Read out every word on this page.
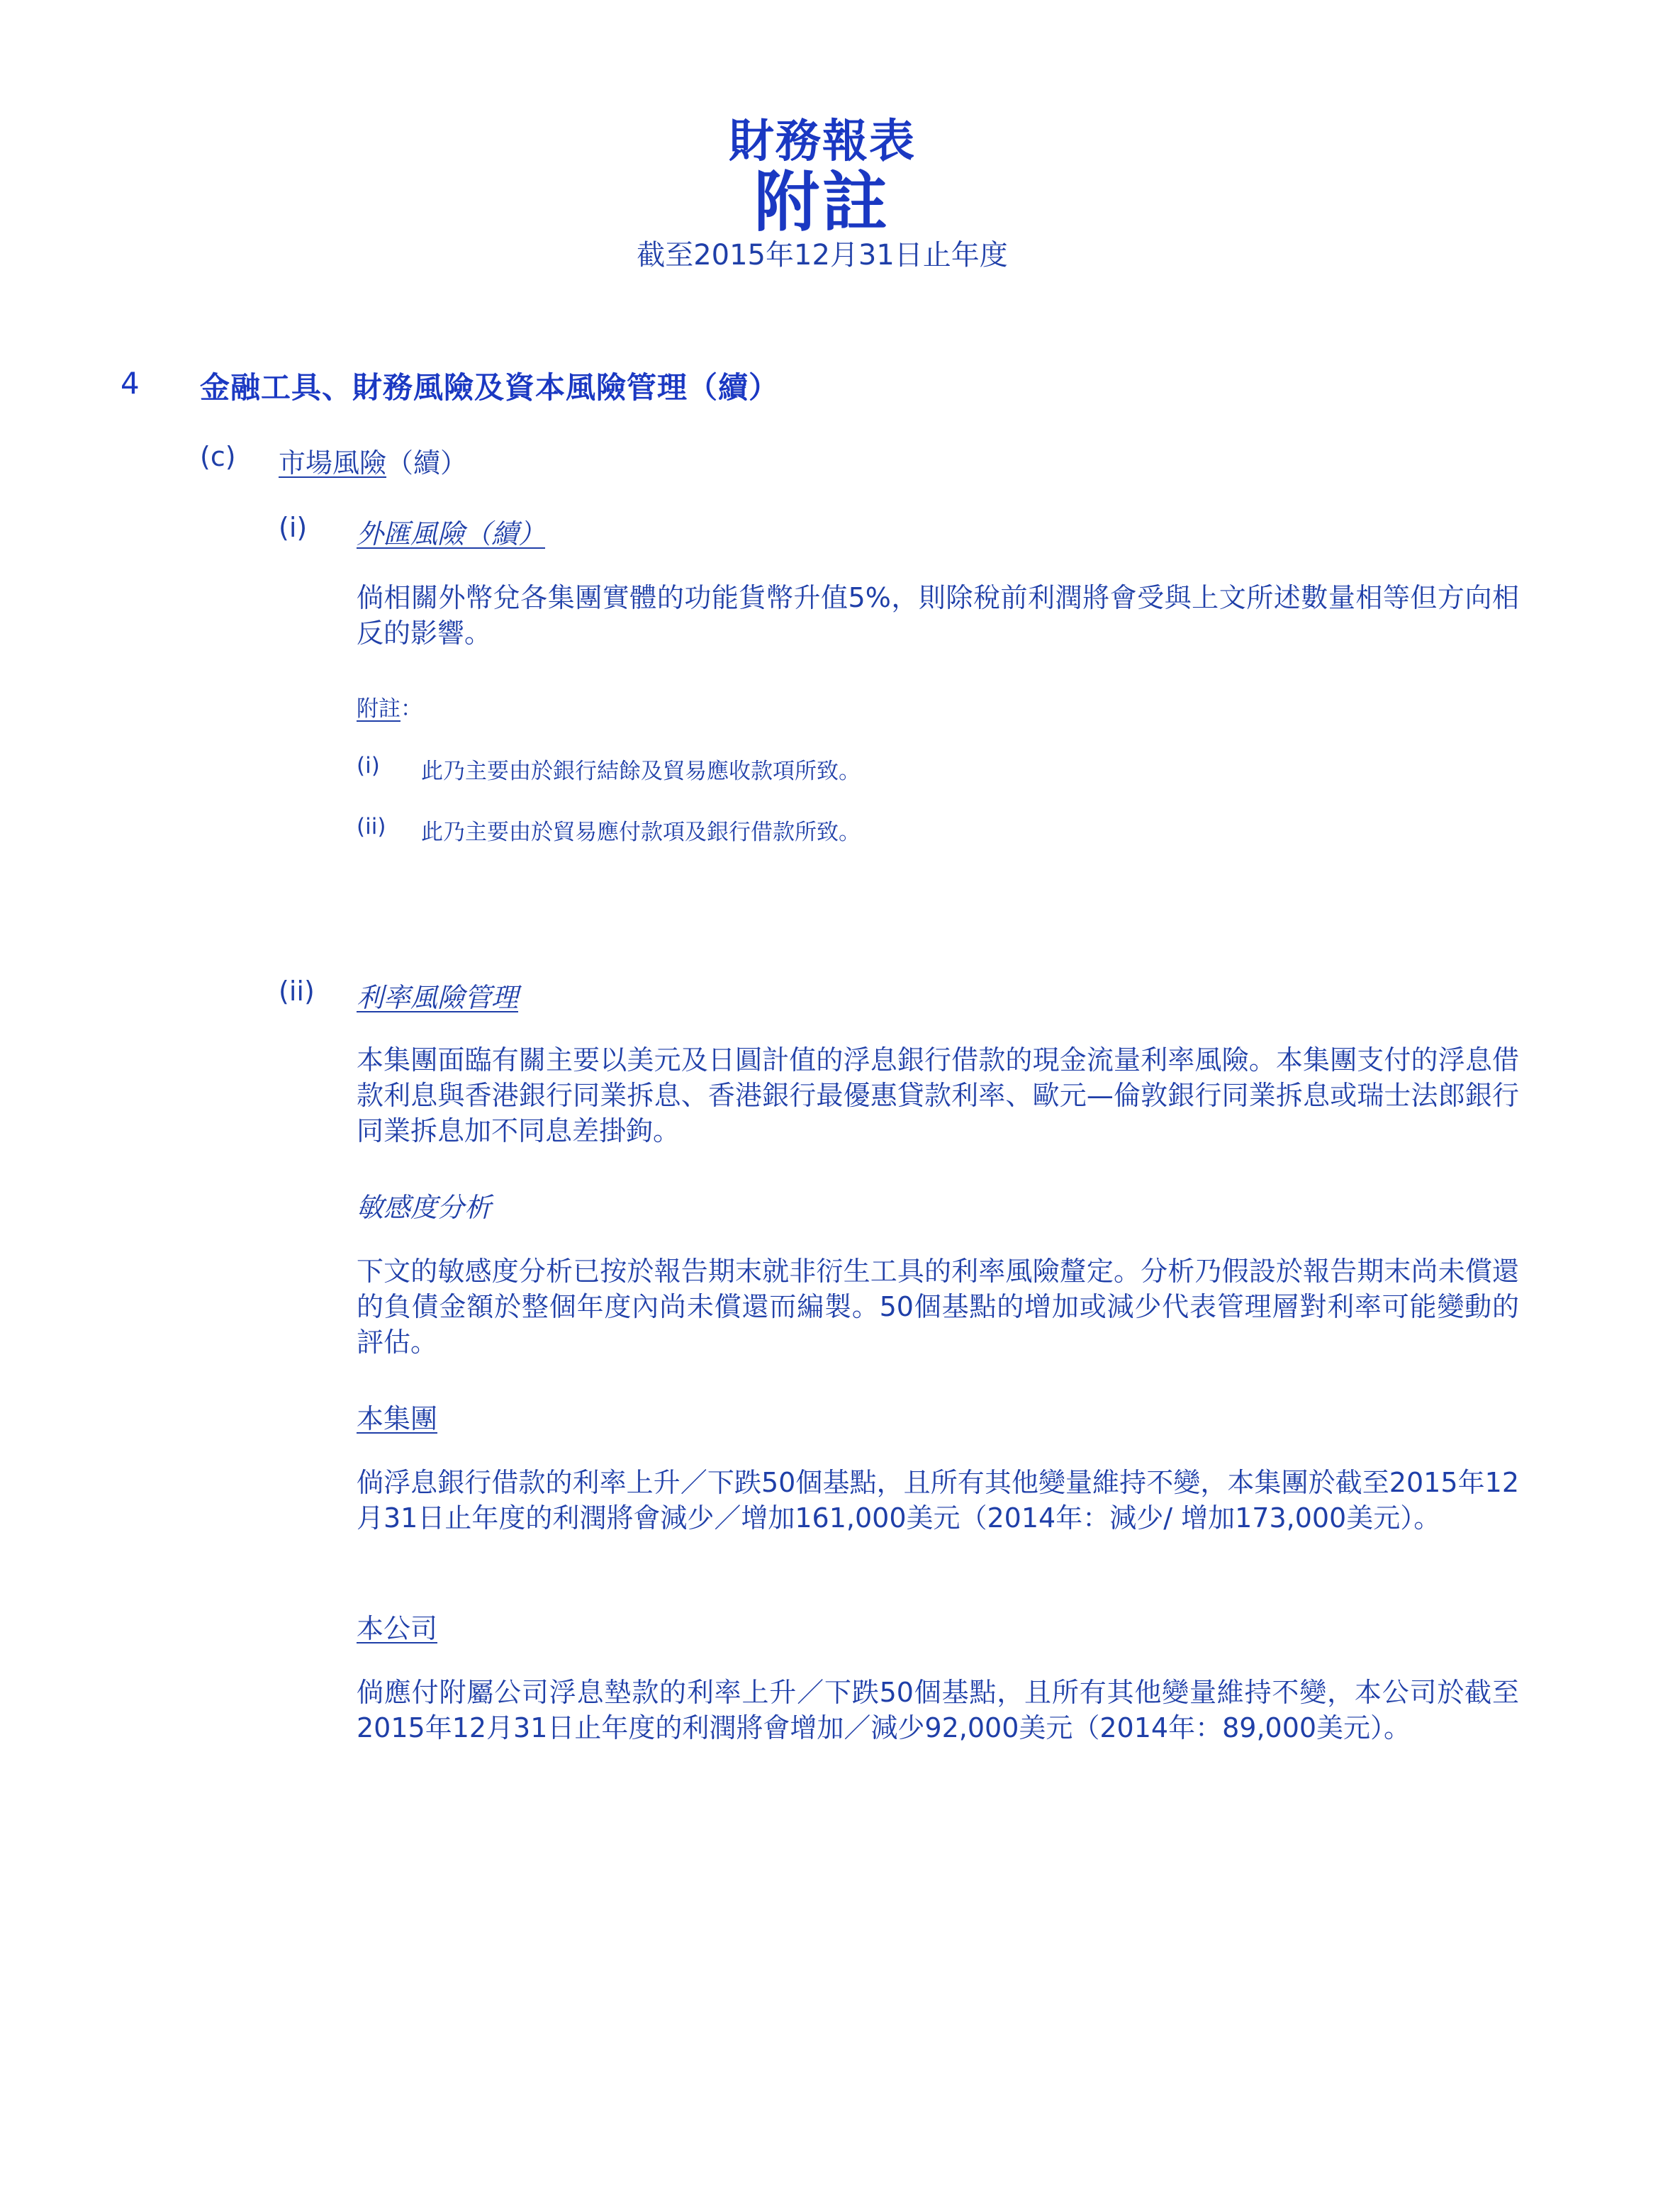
財務報表
附註
截至2015年12月31日止年度
4 金融工具、財務風險及資本風險管理（續）
(c) 市場風險（續）
(i) 外匯風險（續）
倘相關外幣兌各集團實體的功能貨幣升值5%，則除稅前利潤將會受與上文所述數量相等但方向相反的影響。
附註：
(i) 此乃主要由於銀行結餘及貿易應收款項所致。
(ii) 此乃主要由於貿易應付款項及銀行借款所致。
(ii) 利率風險管理
本集團面臨有關主要以美元及日圓計值的浮息銀行借款的現金流量利率風險。本集團支付的浮息借款利息與香港銀行同業拆息、香港銀行最優惠貸款利率、歐元—倫敦銀行同業拆息或瑞士法郎銀行同業拆息加不同息差掛鉤。
敏感度分析
下文的敏感度分析已按於報告期末就非衍生工具的利率風險釐定。分析乃假設於報告期末尚未償還的負債金額於整個年度內尚未償還而編製。50個基點的增加或減少代表管理層對利率可能變動的評估。
本集團
倘浮息銀行借款的利率上升／下跌50個基點，且所有其他變量維持不變，本集團於截至2015年12月31日止年度的利潤將會減少／增加161,000美元（2014年：減少/ 增加173,000美元）。
本公司
倘應付附屬公司浮息墊款的利率上升／下跌50個基點，且所有其他變量維持不變，本公司於截至2015年12月31日止年度的利潤將會增加／減少92,000美元（2014年：89,000美元）。
